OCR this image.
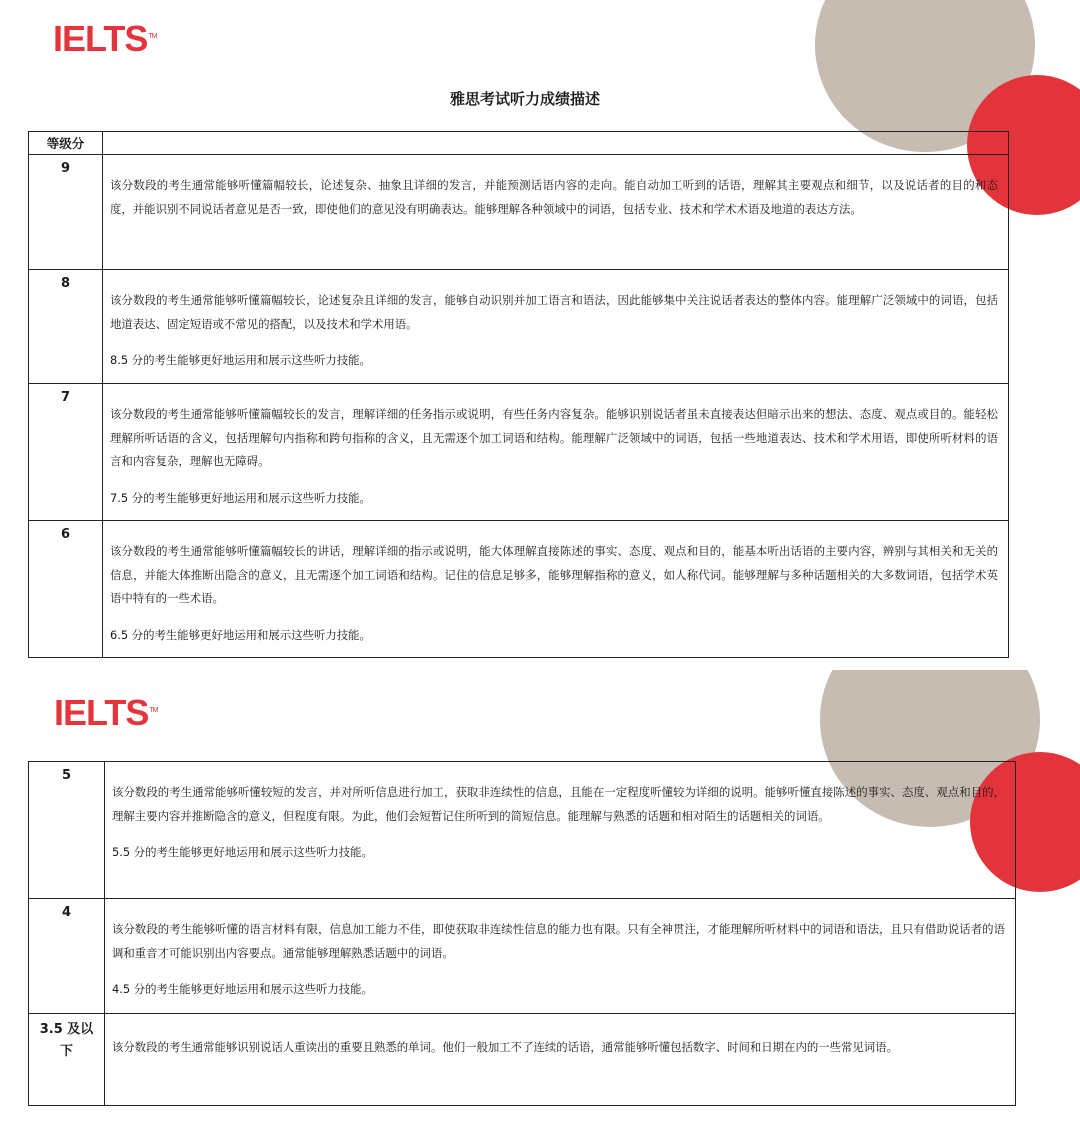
IELTS™
雅思考试听力成绩描述
等级分	
9	该分数段的考生通常能够听懂篇幅较长，论述复杂、抽象且详细的发言，并能预测话语内容的走向。能自动加工听到的话语，理解其主要观点和细节，以及说话者的目的和态度，并能识别不同说话者意见是否一致，即使他们的意见没有明确表达。能够理解各种领域中的词语，包括专业、技术和学术术语及地道的表达方法。

8	该分数段的考生通常能够听懂篇幅较长，论述复杂且详细的发言，能够自动识别并加工语言和语法，因此能够集中关注说话者表达的整体内容。能理解广泛领域中的词语，包括地道表达、固定短语或不常见的搭配，以及技术和学术用语。
8.5 分的考生能够更好地运用和展示这些听力技能。

7	该分数段的考生通常能够听懂篇幅较长的发言，理解详细的任务指示或说明，有些任务内容复杂。能够识别说话者虽未直接表达但暗示出来的想法、态度、观点或目的。能轻松理解所听话语的含义，包括理解句内指称和跨句指称的含义，且无需逐个加工词语和结构。能理解广泛领域中的词语，包括一些地道表达、技术和学术用语，即使所听材料的语言和内容复杂，理解也无障碍。
7.5 分的考生能够更好地运用和展示这些听力技能。

6	该分数段的考生通常能够听懂篇幅较长的讲话，理解详细的指示或说明，能大体理解直接陈述的事实、态度、观点和目的，能基本听出话语的主要内容，辨别与其相关和无关的信息，并能大体推断出隐含的意义，且无需逐个加工词语和结构。记住的信息足够多，能够理解指称的意义，如人称代词。能够理解与多种话题相关的大多数词语，包括学术英语中特有的一些术语。
6.5 分的考生能够更好地运用和展示这些听力技能。
IELTS™
5	该分数段的考生通常能够听懂较短的发言，并对所听信息进行加工，获取非连续性的信息，且能在一定程度听懂较为详细的说明。能够听懂直接陈述的事实、态度、观点和目的，理解主要内容并推断隐含的意义，但程度有限。为此，他们会短暂记住所听到的简短信息。能理解与熟悉的话题和相对陌生的话题相关的词语。
5.5 分的考生能够更好地运用和展示这些听力技能。

4	该分数段的考生能够听懂的语言材料有限，信息加工能力不佳，即使获取非连续性信息的能力也有限。只有全神贯注，才能理解所听材料中的词语和语法，且只有借助说话者的语调和重音才可能识别出内容要点。通常能够理解熟悉话题中的词语。
4.5 分的考生能够更好地运用和展示这些听力技能。

3.5 及以下	该分数段的考生通常能够识别说话人重读出的重要且熟悉的单词。他们一般加工不了连续的话语，通常能够听懂包括数字、时间和日期在内的一些常见词语。
